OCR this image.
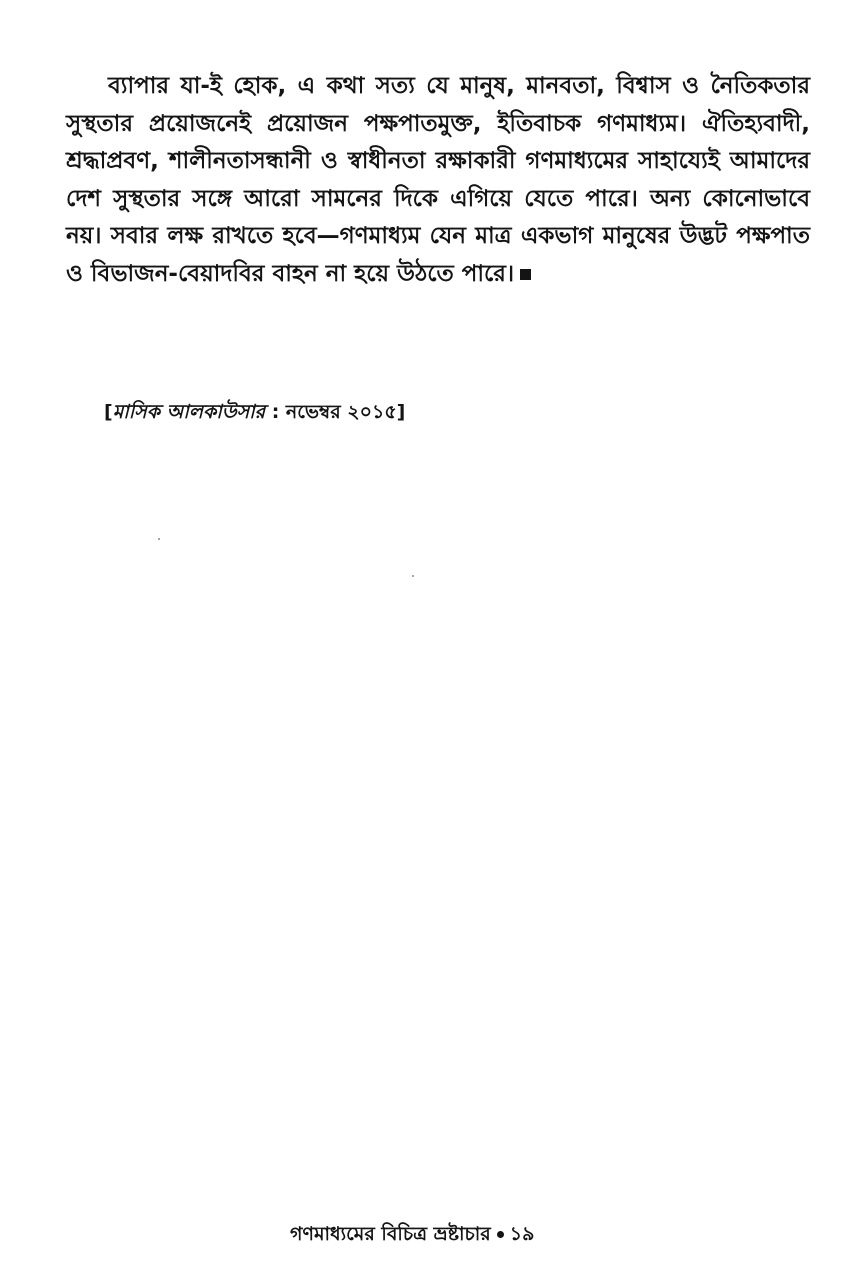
ব্যাপার যা-ই হোক, এ কথা সত্য যে মানুষ, মানবতা, বিশ্বাস ও নৈতিকতার সুস্থতার প্রয়োজনেই প্রয়োজন পক্ষপাতমুক্ত, ইতিবাচক গণমাধ্যম। ঐতিহ্যবাদী, শ্রদ্ধাপ্রবণ, শালীনতাসন্ধানী ও স্বাধীনতা রক্ষাকারী গণমাধ্যমের সাহায্যেই আমাদের দেশ সুস্থতার সঙ্গে আরো সামনের দিকে এগিয়ে যেতে পারে। অন্য কোনোভাবে নয়। সবার লক্ষ রাখতে হবে—গণমাধ্যম যেন মাত্র একভাগ মানুষের উদ্ভট পক্ষপাত ও বিভাজন-বেয়াদবির বাহন না হয়ে উঠতে পারে।

[মাসিক আলকাউসার : নভেম্বর ২০১৫]
গণমাধ্যমের বিচিত্র ভ্রষ্টাচার ১৯
